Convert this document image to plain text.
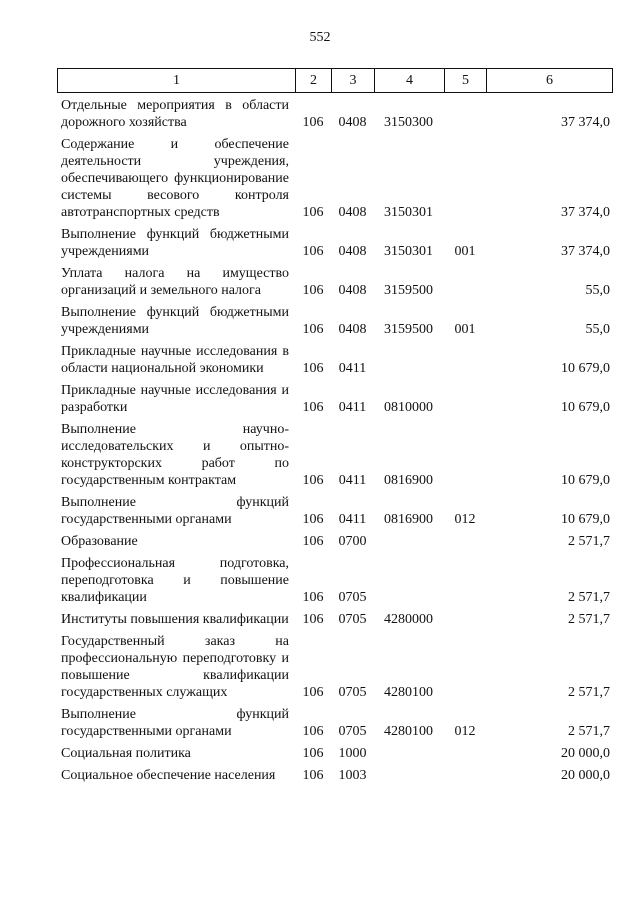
552
1	2	3	4	5	6
Отдельные мероприятия в области дорожного хозяйства	106	0408	3150300		37 374,0
Содержание и обеспечение деятельности учреждения, обеспечивающего функционирование системы весового контроля автотранспортных средств	106	0408	3150301		37 374,0
Выполнение функций бюджетными учреждениями	106	0408	3150301	001	37 374,0
Уплата налога на имущество организаций и земельного налога	106	0408	3159500		55,0
Выполнение функций бюджетными учреждениями	106	0408	3159500	001	55,0
Прикладные научные исследования в области национальной экономики	106	0411			10 679,0
Прикладные научные исследования и разработки	106	0411	0810000		10 679,0
Выполнение научно-исследовательских и опытно-конструкторских работ по государственным контрактам	106	0411	0816900		10 679,0
Выполнение функций государственными органами	106	0411	0816900	012	10 679,0
Образование	106	0700			2 571,7
Профессиональная подготовка, переподготовка и повышение квалификации	106	0705			2 571,7
Институты повышения квалификации	106	0705	4280000		2 571,7
Государственный заказ на профессиональную переподготовку и повышение квалификации государственных служащих	106	0705	4280100		2 571,7
Выполнение функций государственными органами	106	0705	4280100	012	2 571,7
Социальная политика	106	1000			20 000,0
Социальное обеспечение населения	106	1003			20 000,0
